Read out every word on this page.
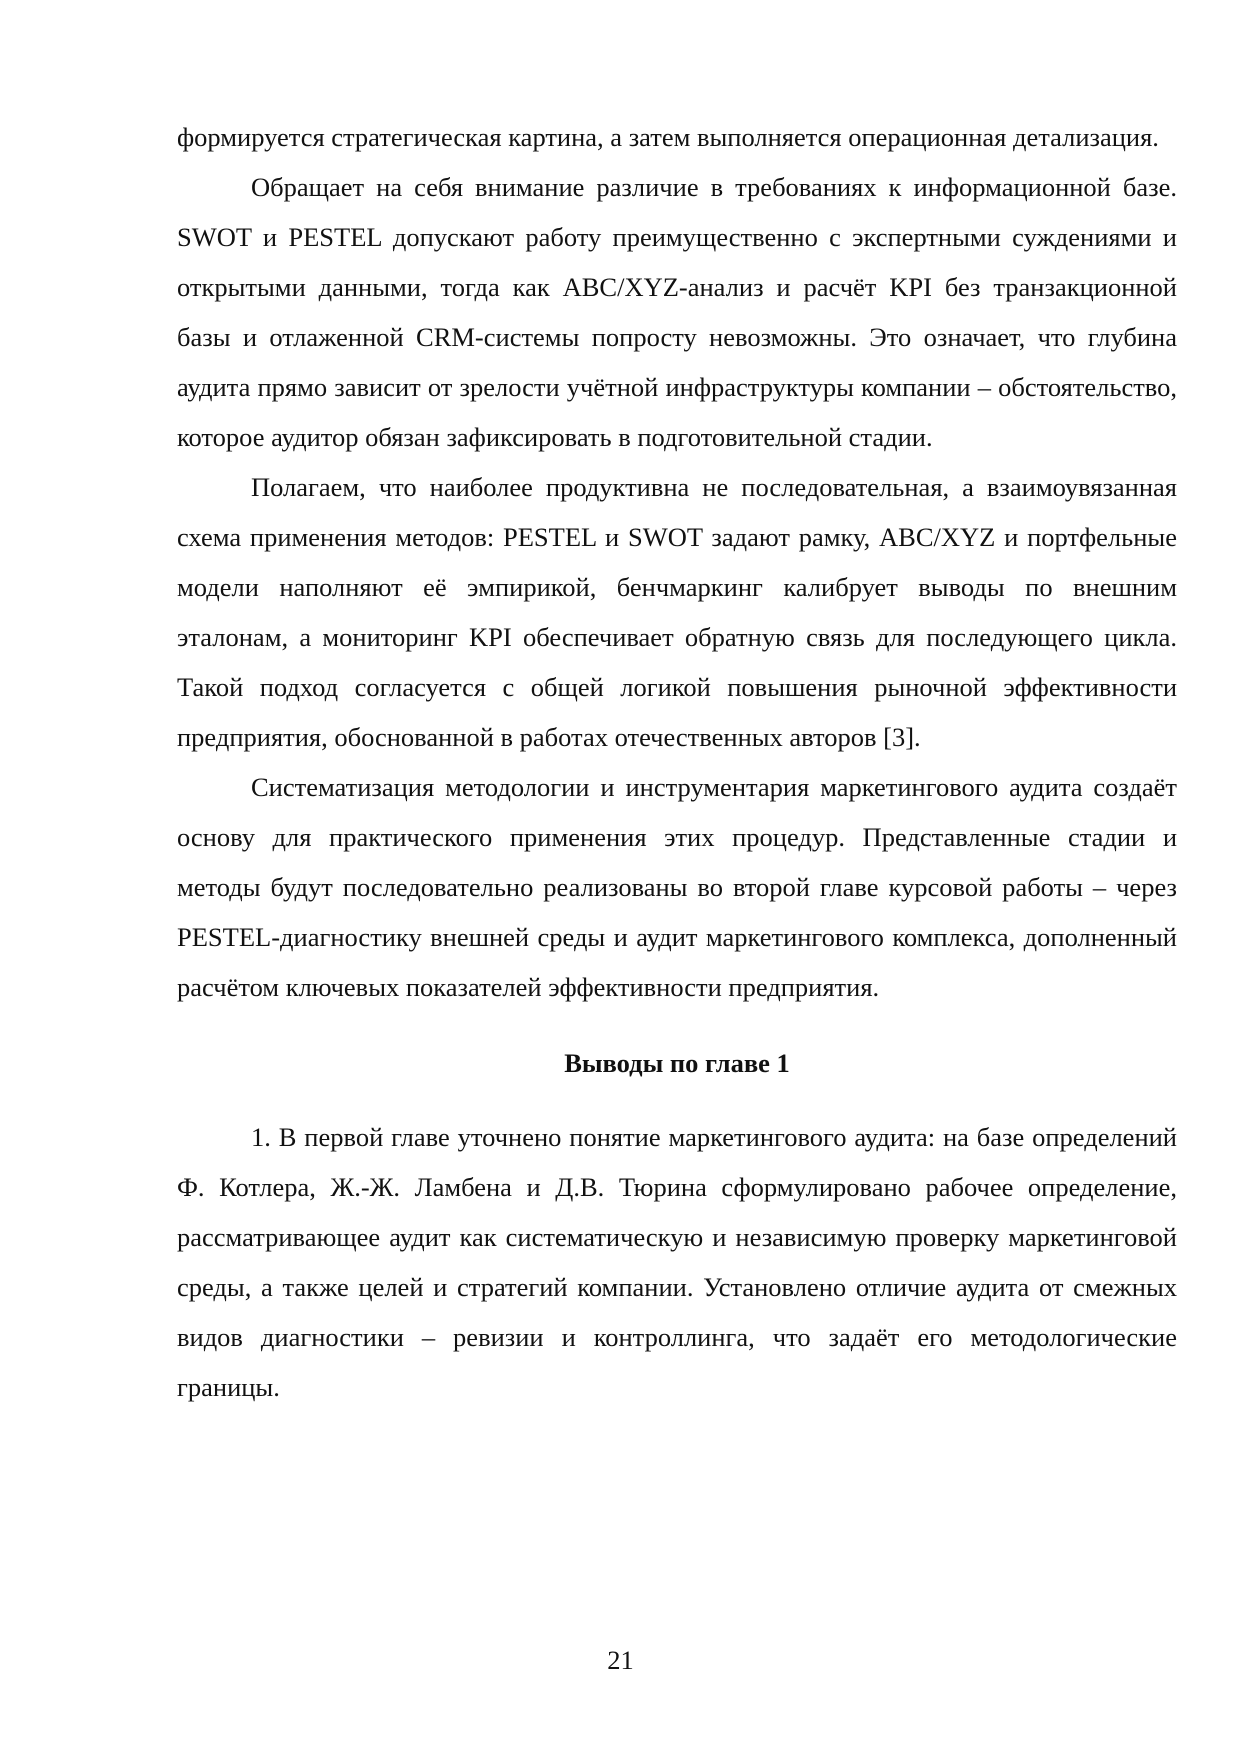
формируется стратегическая картина, а затем выполняется операционная детализация.

Обращает на себя внимание различие в требованиях к информационной базе. SWOT и PESTEL допускают работу преимущественно с экспертными суждениями и открытыми данными, тогда как ABC/XYZ-анализ и расчёт KPI без транзакционной базы и отлаженной CRM-системы попросту невозможны. Это означает, что глубина аудита прямо зависит от зрелости учётной инфраструктуры компании – обстоятельство, которое аудитор обязан зафиксировать в подготовительной стадии.

Полагаем, что наиболее продуктивна не последовательная, а взаимоувязанная схема применения методов: PESTEL и SWOT задают рамку, ABC/XYZ и портфельные модели наполняют её эмпирикой, бенчмаркинг калибрует выводы по внешним эталонам, а мониторинг KPI обеспечивает обратную связь для последующего цикла. Такой подход согласуется с общей логикой повышения рыночной эффективности предприятия, обоснованной в работах отечественных авторов [3].

Систематизация методологии и инструментария маркетингового аудита создаёт основу для практического применения этих процедур. Представленные стадии и методы будут последовательно реализованы во второй главе курсовой работы – через PESTEL-диагностику внешней среды и аудит маркетингового комплекса, дополненный расчётом ключевых показателей эффективности предприятия.

Выводы по главе 1

1. В первой главе уточнено понятие маркетингового аудита: на базе определений Ф. Котлера, Ж.-Ж. Ламбена и Д.В. Тюрина сформулировано рабочее определение, рассматривающее аудит как систематическую и независимую проверку маркетинговой среды, а также целей и стратегий компании. Установлено отличие аудита от смежных видов диагностики – ревизии и контроллинга, что задаёт его методологические границы.

21
